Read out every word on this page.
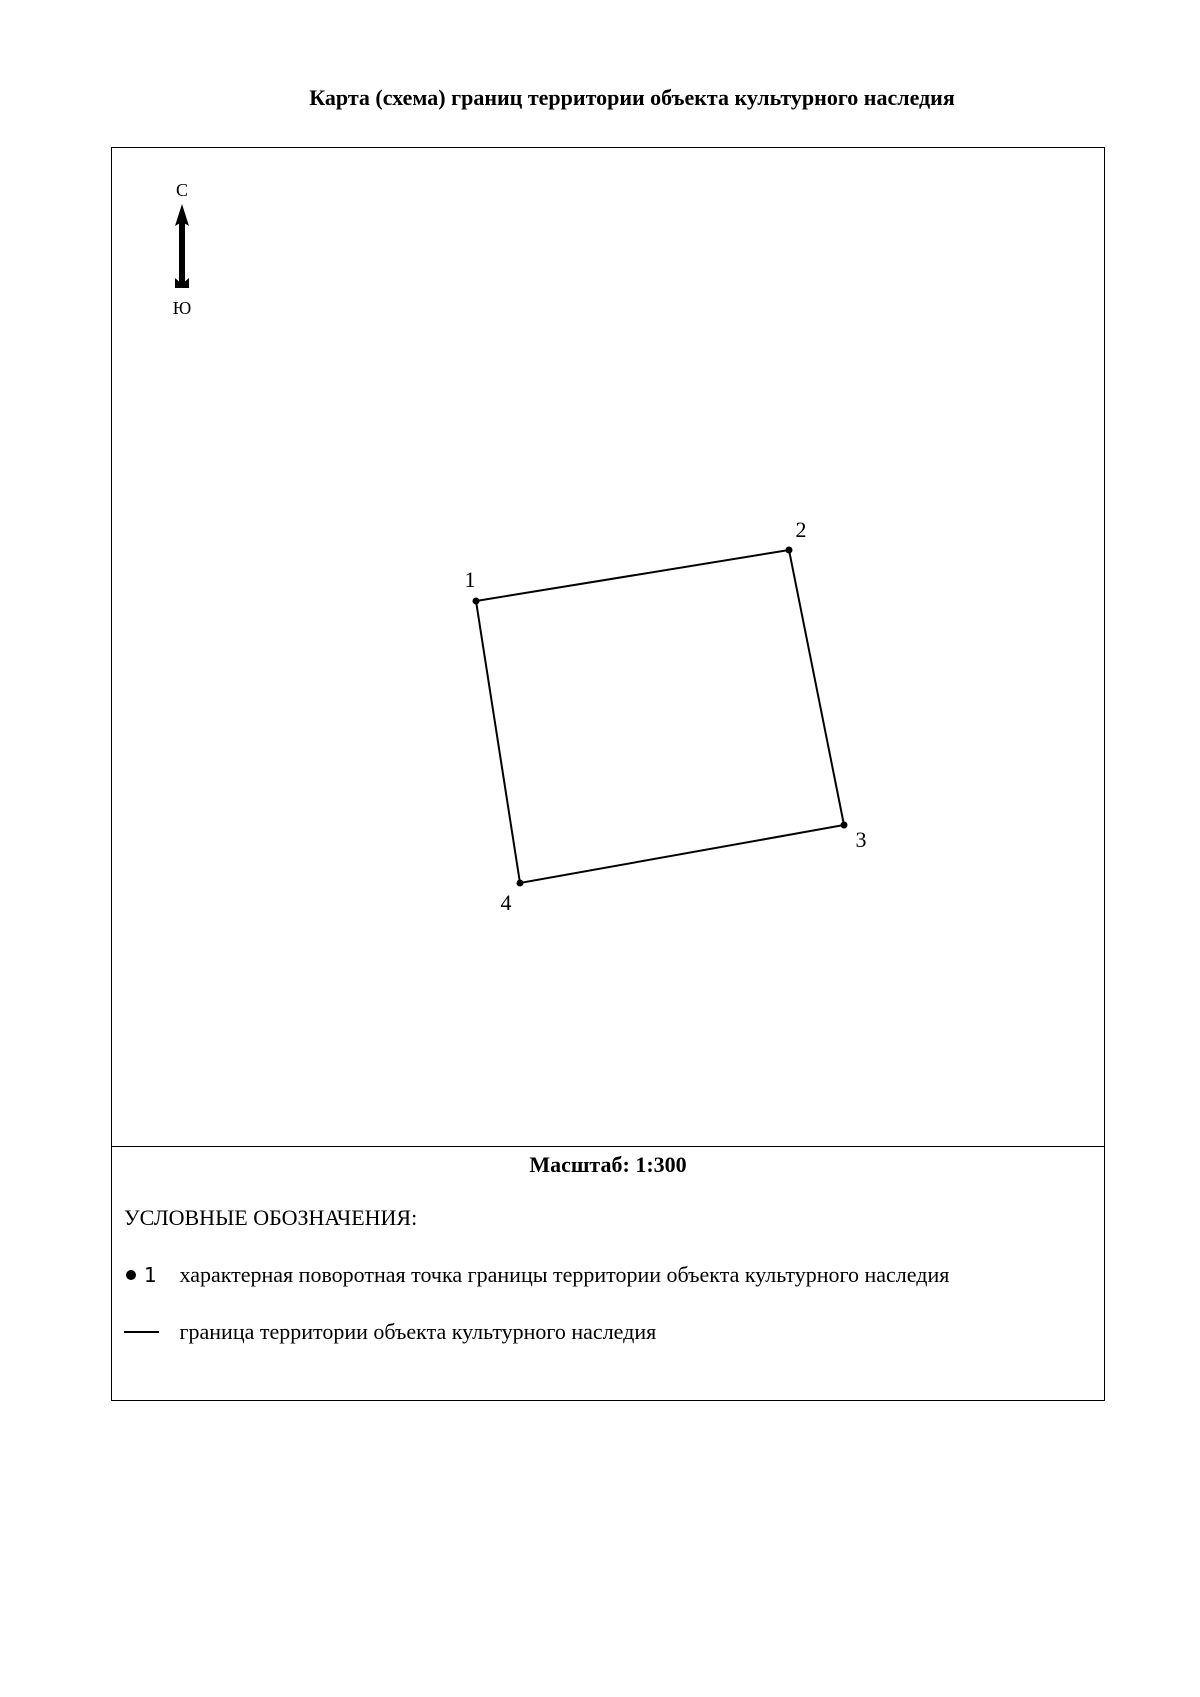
Карта (схема) границ территории объекта культурного наследия
С
Ю
1
2
3
4
Масштаб: 1:300
УСЛОВНЫЕ ОБОЗНАЧЕНИЯ:
1 характерная поворотная точка границы территории объекта культурного наследия
граница территории объекта культурного наследия
